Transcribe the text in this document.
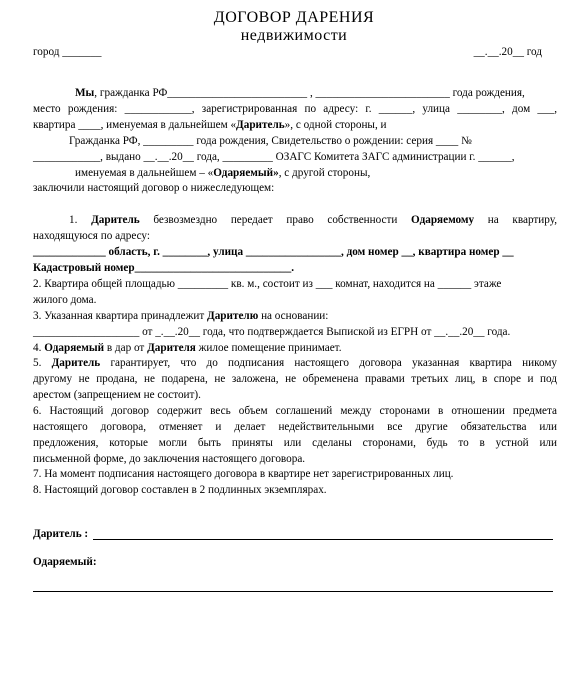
ДОГОВОР ДАРЕНИЯ
недвижимости
город _______	__.__.20__ год
Мы, гражданка РФ_________________________ , ________________________ года рождения,
место рождения: ____________, зарегистрированная по адресу: г. ______, улица ________, дом ___,
квартира ____, именуемая в дальнейшем «Даритель», с одной стороны, и
Гражданка РФ, _________ года рождения, Свидетельство о рождении: серия ____ №
____________, выдано __.__.20__ года, _________ ОЗАГС Комитета ЗАГС администрации г. ______,
именуемая в дальнейшем – «Одаряемый», с другой стороны,
заключили настоящий договор о нижеследующем:
1. Даритель безвозмездно передает право собственности Одаряемому на квартиру,
находящуюся по адресу:
_____________ область, г. ________, улица _________________, дом номер __, квартира номер __
Кадастровый номер____________________________.
2. Квартира общей площадью _________ кв. м., состоит из ___ комнат, находится на ______ этаже
жилого дома.
3. Указанная квартира принадлежит Дарителю на основании:
___________________ от _.__.20__ года, что подтверждается Выпиской из ЕГРН от __.__.20__ года.
4. Одаряемый в дар от Дарителя жилое помещение принимает.
5. Даритель гарантирует, что до подписания настоящего договора указанная квартира никому
другому не продана, не подарена, не заложена, не обременена правами третьих лиц, в споре и под
арестом (запрещением не состоит).
6. Настоящий договор содержит весь объем соглашений между сторонами в отношении предмета
настоящего договора, отменяет и делает недействительными все другие обязательства или
предложения, которые могли быть приняты или сделаны сторонами, будь то в устной или
письменной форме, до заключения настоящего договора.
7. На момент подписания настоящего договора в квартире нет зарегистрированных лиц.
8. Настоящий договор составлен в 2 подлинных экземплярах.
Даритель :
Одаряемый:
